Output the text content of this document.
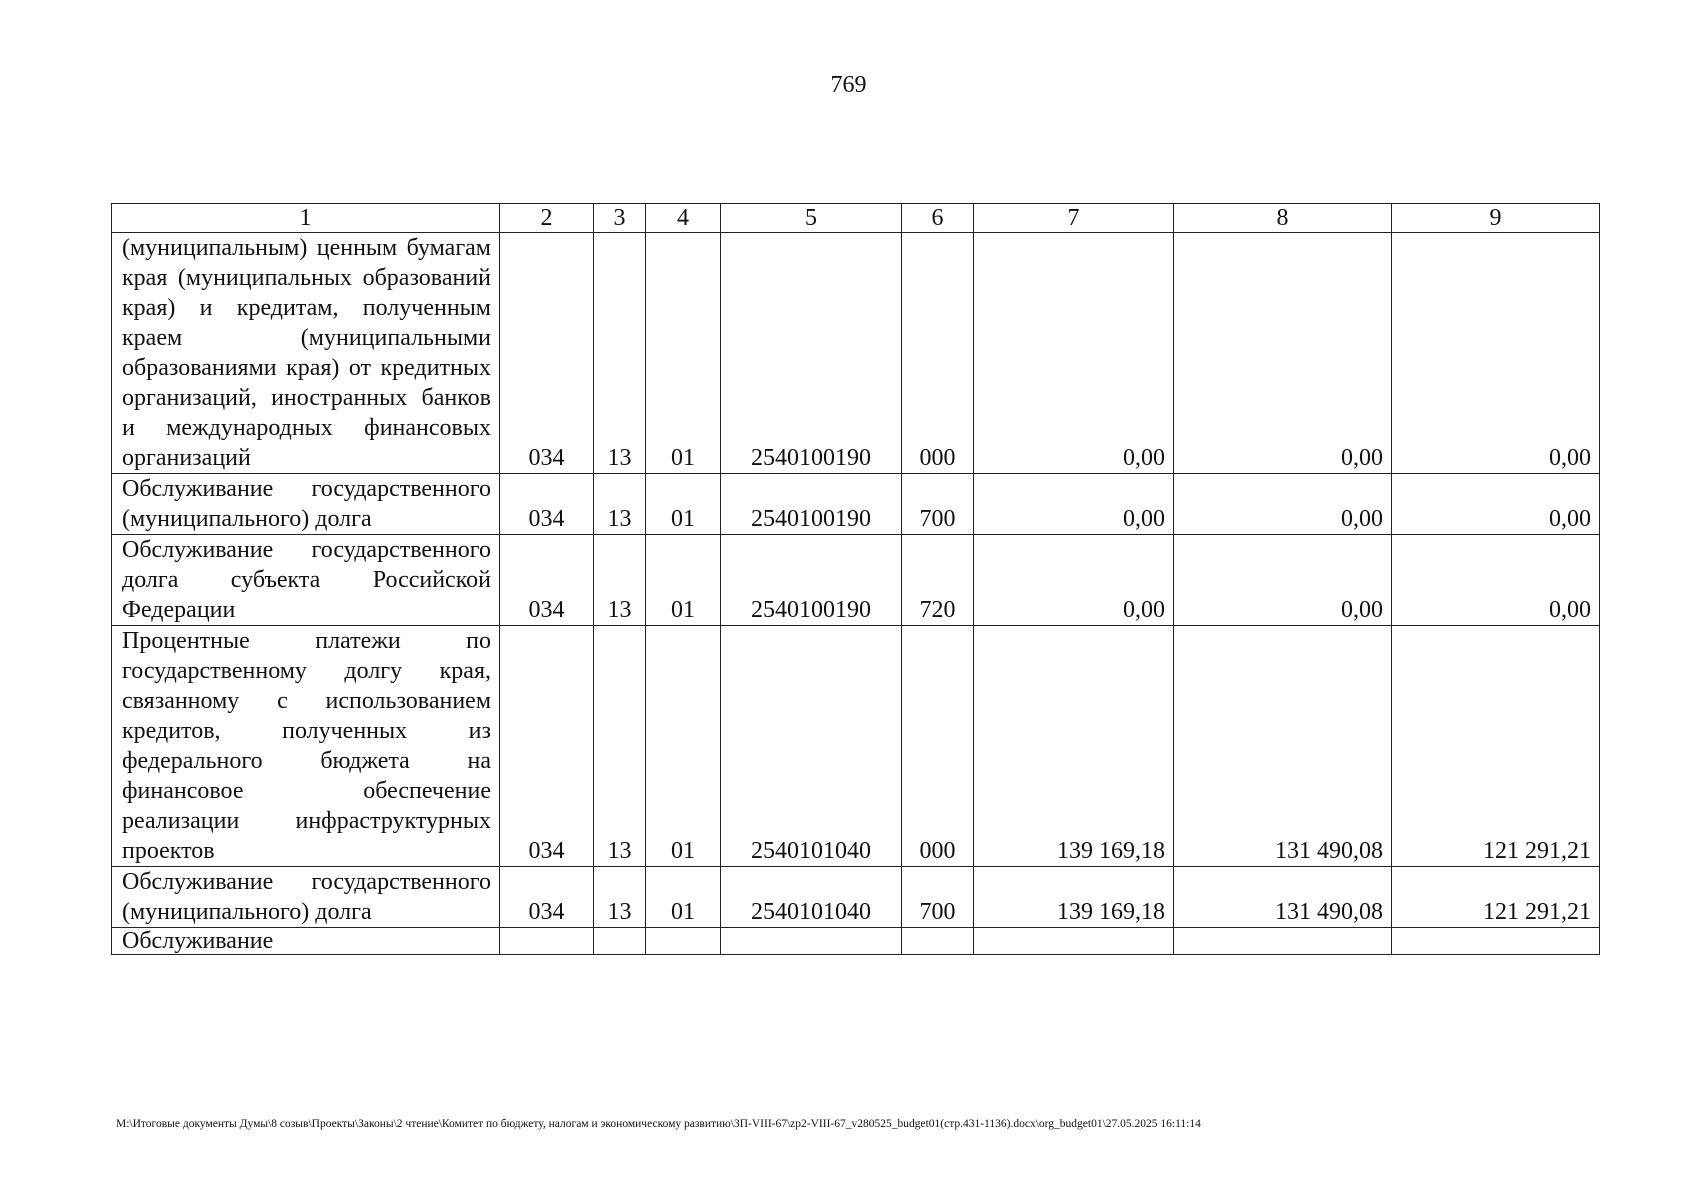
769
1	2	3	4	5	6	7	8	9
(муниципальным) ценным бумагам края (муниципальных образований края) и кредитам, полученным краем (муниципальными образованиями края) от кредитных организаций, иностранных банков и международных финансовых организаций	034	13	01	2540100190	000	0,00	0,00	0,00
Обслуживание государственного (муниципального) долга	034	13	01	2540100190	700	0,00	0,00	0,00
Обслуживание государственного долга субъекта Российской Федерации	034	13	01	2540100190	720	0,00	0,00	0,00
Процентные платежи по государственному долгу края, связанному с использованием кредитов, полученных из федерального бюджета на финансовое обеспечение реализации инфраструктурных проектов	034	13	01	2540101040	000	139 169,18	131 490,08	121 291,21
Обслуживание государственного (муниципального) долга	034	13	01	2540101040	700	139 169,18	131 490,08	121 291,21
Обслуживание								
M:\Итоговые документы Думы\8 созыв\Проекты\Законы\2 чтение\Комитет по бюджету, налогам и экономическому развитию\ЗП-VIII-67\zp2-VIII-67_v280525_budget01(стр.431-1136).docx\org_budget01\27.05.2025 16:11:14
